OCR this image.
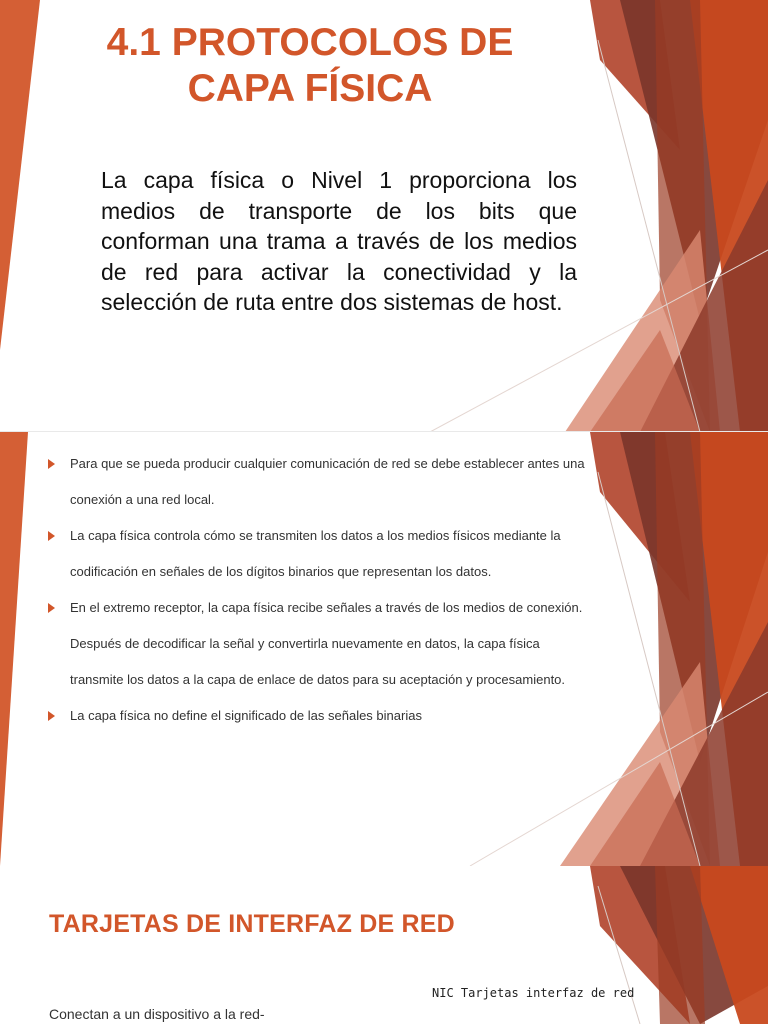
4.1 PROTOCOLOS DE CAPA FÍSICA

La capa física o Nivel 1 proporciona los medios de transporte de los bits que conforman una trama a través de los medios de red para activar la conectividad y la selección de ruta entre dos sistemas de host.

Para que se pueda producir cualquier comunicación de red se debe establecer antes una conexión a una red local.
La capa física controla cómo se transmiten los datos a los medios físicos mediante la codificación en señales de los dígitos binarios que representan los datos.
En el extremo receptor, la capa física recibe señales a través de los medios de conexión. Después de decodificar la señal y convertirla nuevamente en datos, la capa física transmite los datos a la capa de enlace de datos para su aceptación y procesamiento.
La capa física no define el significado de las señales binarias
TARJETAS DE INTERFAZ DE RED
NIC Tarjetas interfaz de red
Conectan a un dispositivo a la red-
